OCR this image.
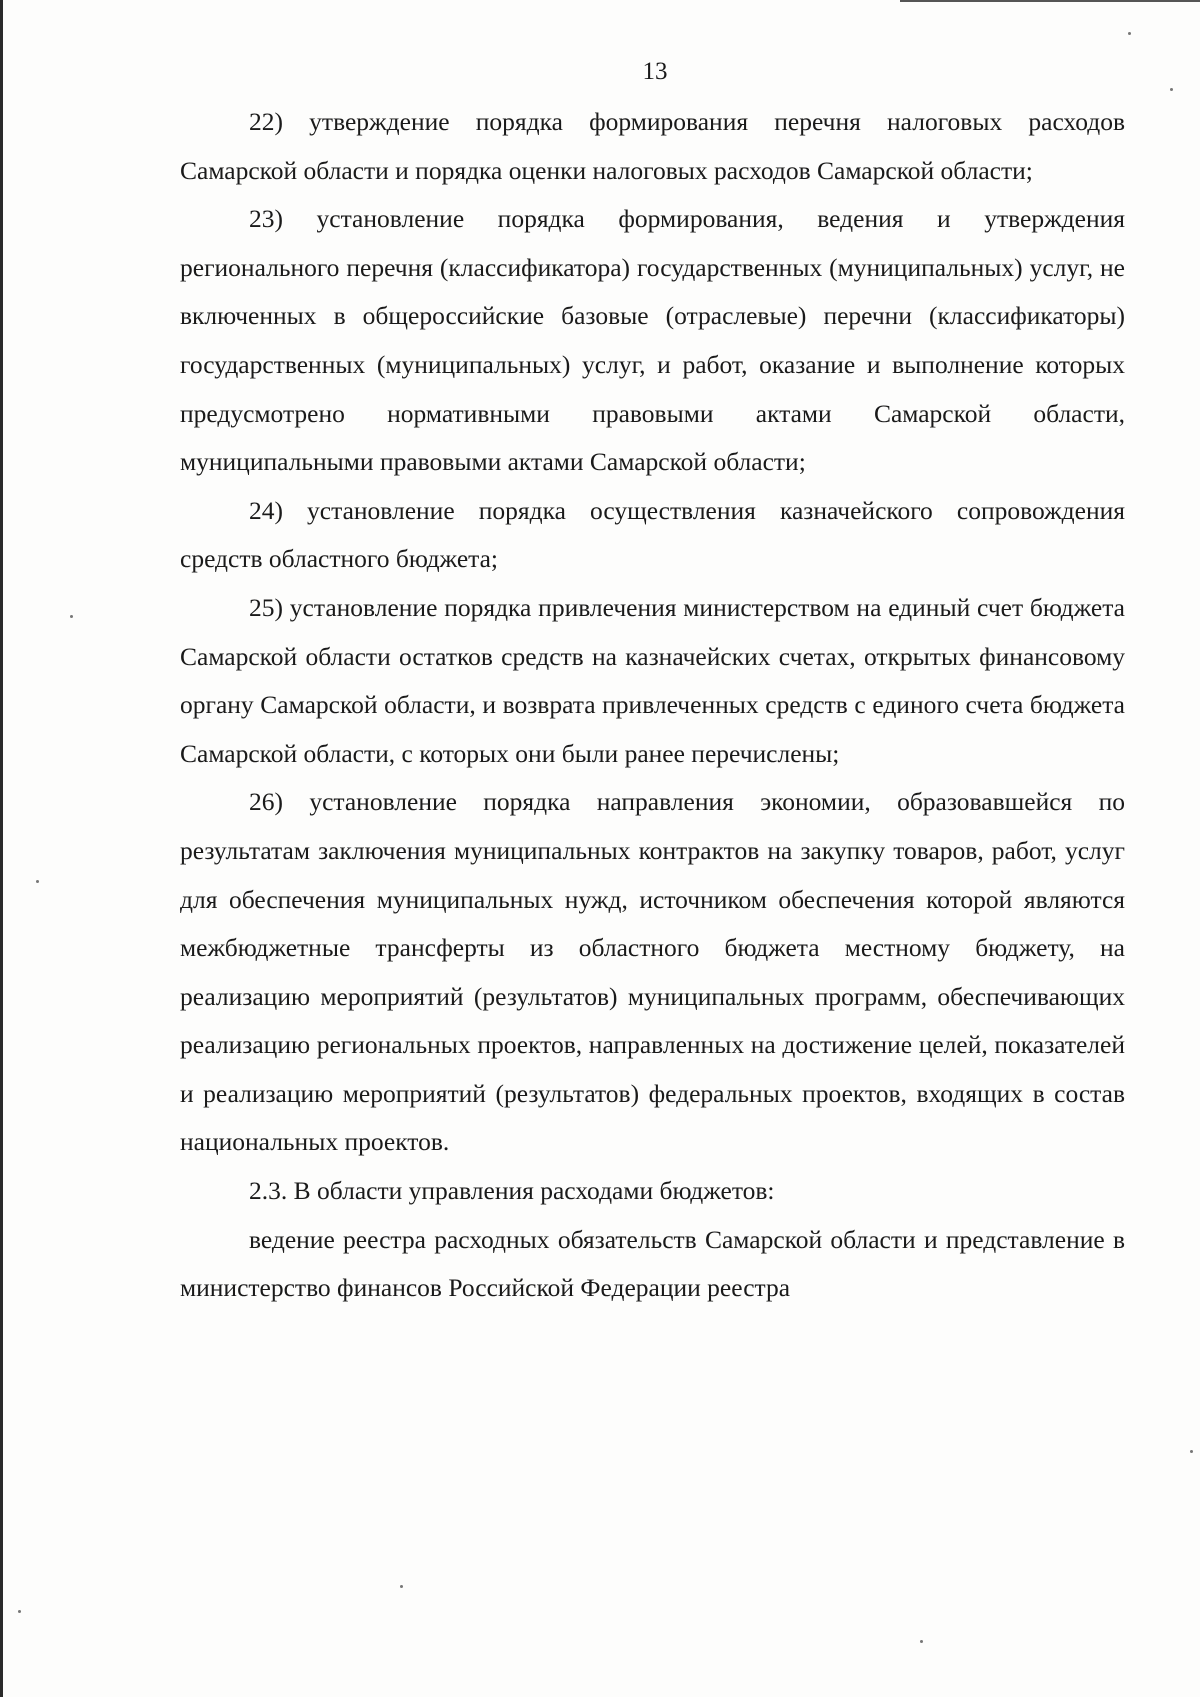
13

22) утверждение порядка формирования перечня налоговых расходов Самарской области и порядка оценки налоговых расходов Самарской области;

23) установление порядка формирования, ведения и утверждения регионального перечня (классификатора) государственных (муниципальных) услуг, не включенных в общероссийские базовые (отраслевые) перечни (классификаторы) государственных (муниципальных) услуг, и работ, оказание и выполнение которых предусмотрено нормативными правовыми актами Самарской области, муниципальными правовыми актами Самарской области;

24) установление порядка осуществления казначейского сопровождения средств областного бюджета;

25) установление порядка привлечения министерством на единый счет бюджета Самарской области остатков средств на казначейских счетах, открытых финансовому органу Самарской области, и возврата привлеченных средств с единого счета бюджета Самарской области, с которых они были ранее перечислены;

26) установление порядка направления экономии, образовавшейся по результатам заключения муниципальных контрактов на закупку товаров, работ, услуг для обеспечения муниципальных нужд, источником обеспечения которой являются межбюджетные трансферты из областного бюджета местному бюджету, на реализацию мероприятий (результатов) муниципальных программ, обеспечивающих реализацию региональных проектов, направленных на достижение целей, показателей и реализацию мероприятий (результатов) федеральных проектов, входящих в состав национальных проектов.

2.3. В области управления расходами бюджетов:

ведение реестра расходных обязательств Самарской области и представление в министерство финансов Российской Федерации реестра
